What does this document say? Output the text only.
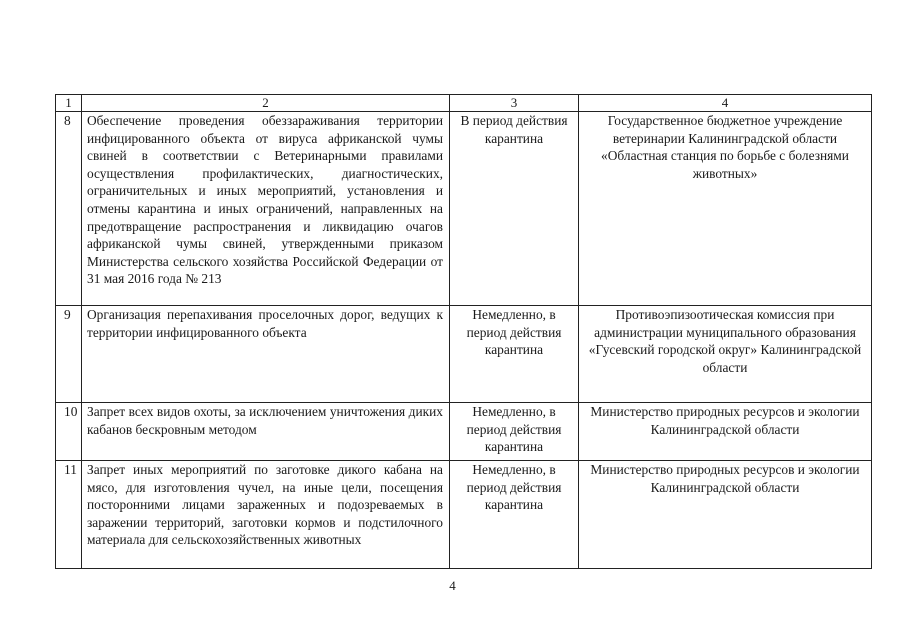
1	2	3	4
8	Обеспечение проведения обеззараживания территории инфицированного объекта от вируса африканской чумы свиней в соответствии с Ветеринарными правилами осуществления профилактических, диагностических, ограничительных и иных мероприятий, установления и отмены карантина и иных ограничений, направленных на предотвращение распространения и ликвидацию очагов африканской чумы свиней, утвержденными приказом Министерства сельского хозяйства Российской Федерации от 31 мая 2016 года № 213	В период действия карантина	Государственное бюджетное учреждение ветеринарии Калининградской области «Областная станция по борьбе с болезнями животных»
9	Организация перепахивания проселочных дорог, ведущих к территории инфицированного объекта	Немедленно, в период действия карантина	Противоэпизоотическая комиссия при администрации муниципального образования «Гусевский городской округ» Калининградской области
10	Запрет всех видов охоты, за исключением уничтожения диких кабанов бескровным методом	Немедленно, в период действия карантина	Министерство природных ресурсов и экологии Калининградской области
11	Запрет иных мероприятий по заготовке дикого кабана на мясо, для изготовления чучел, на иные цели, посещения посторонними лицами зараженных и подозреваемых в заражении территорий, заготовки кормов и подстилочного материала для сельскохозяйственных животных	Немедленно, в период действия карантина	Министерство природных ресурсов и экологии Калининградской области
4
